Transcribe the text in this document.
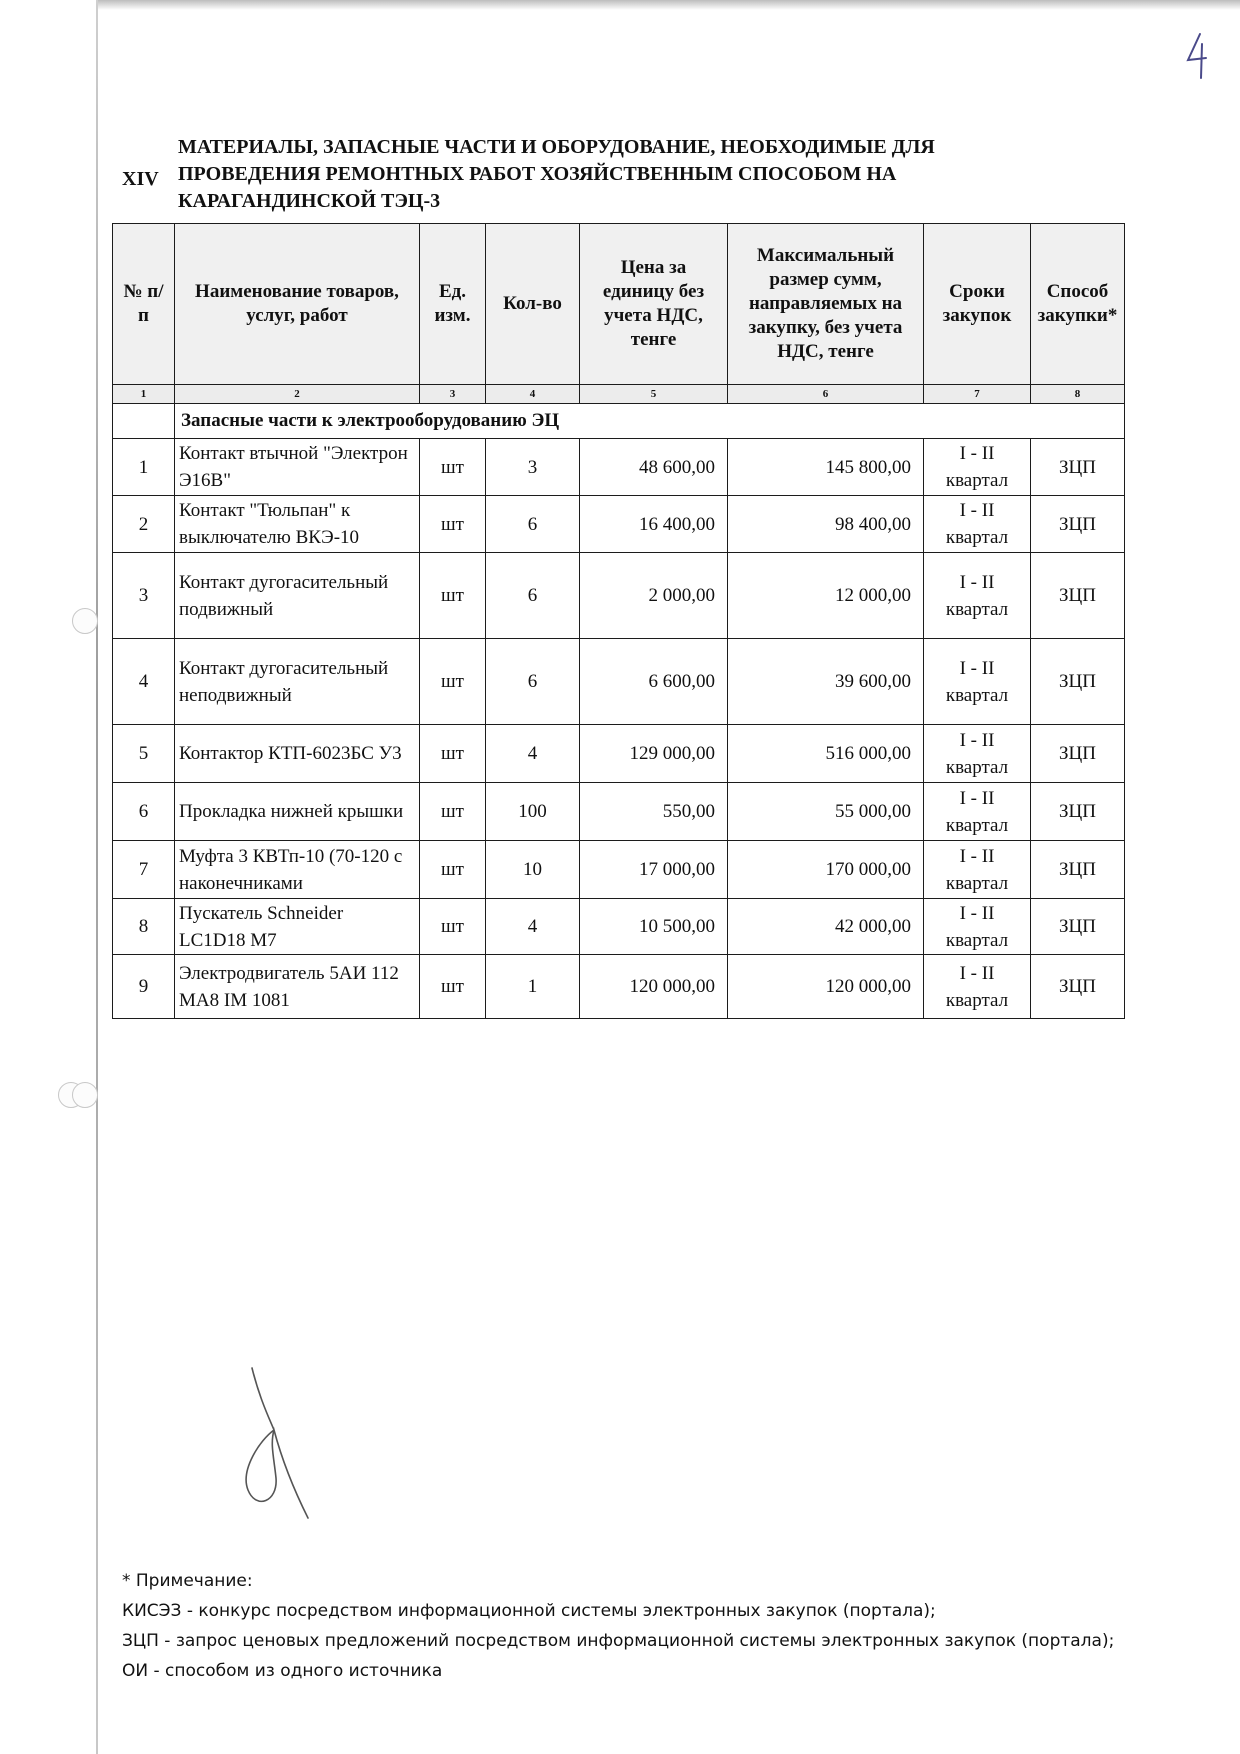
XIV

МАТЕРИАЛЫ, ЗАПАСНЫЕ ЧАСТИ И ОБОРУДОВАНИЕ, НЕОБХОДИМЫЕ ДЛЯ
ПРОВЕДЕНИЯ РЕМОНТНЫХ РАБОТ ХОЗЯЙСТВЕННЫМ СПОСОБОМ НА
КАРАГАНДИНСКОЙ ТЭЦ-3

№ п/п	Наименование товаров, услуг, работ	Ед. изм.	Кол-во	Цена за единицу без учета НДС, тенге	Максимальный размер сумм, направляемых на закупку, без учета НДС, тенге	Сроки закупок	Способ закупки*
1	2	3	4	5	6	7	8
	Запасные части к электрооборудованию ЭЦ						
1	Контакт втычной "Электрон Э16В"	шт	3	48 600,00	145 800,00	I - II квартал	ЗЦП
2	Контакт "Тюльпан" к выключателю ВКЭ-10	шт	6	16 400,00	98 400,00	I - II квартал	ЗЦП
3	Контакт дугогасительный подвижный	шт	6	2 000,00	12 000,00	I - II квартал	ЗЦП
4	Контакт дугогасительный неподвижный	шт	6	6 600,00	39 600,00	I - II квартал	ЗЦП
5	Контактор КТП-6023БС У3	шт	4	129 000,00	516 000,00	I - II квартал	ЗЦП
6	Прокладка нижней крышки	шт	100	550,00	55 000,00	I - II квартал	ЗЦП
7	Муфта 3 КВТп-10 (70-120 с наконечниками	шт	10	17 000,00	170 000,00	I - II квартал	ЗЦП
8	Пускатель Schneider LC1D18 M7	шт	4	10 500,00	42 000,00	I - II квартал	ЗЦП
9	Электродвигатель 5АИ 112 МА8 IM 1081	шт	1	120 000,00	120 000,00	I - II квартал	ЗЦП

* Примечание:

КИСЭЗ - конкурс посредством информационной системы электронных закупок (портала);

ЗЦП - запрос ценовых предложений посредством информационной системы электронных закупок (портала);

ОИ - способом из одного источника
